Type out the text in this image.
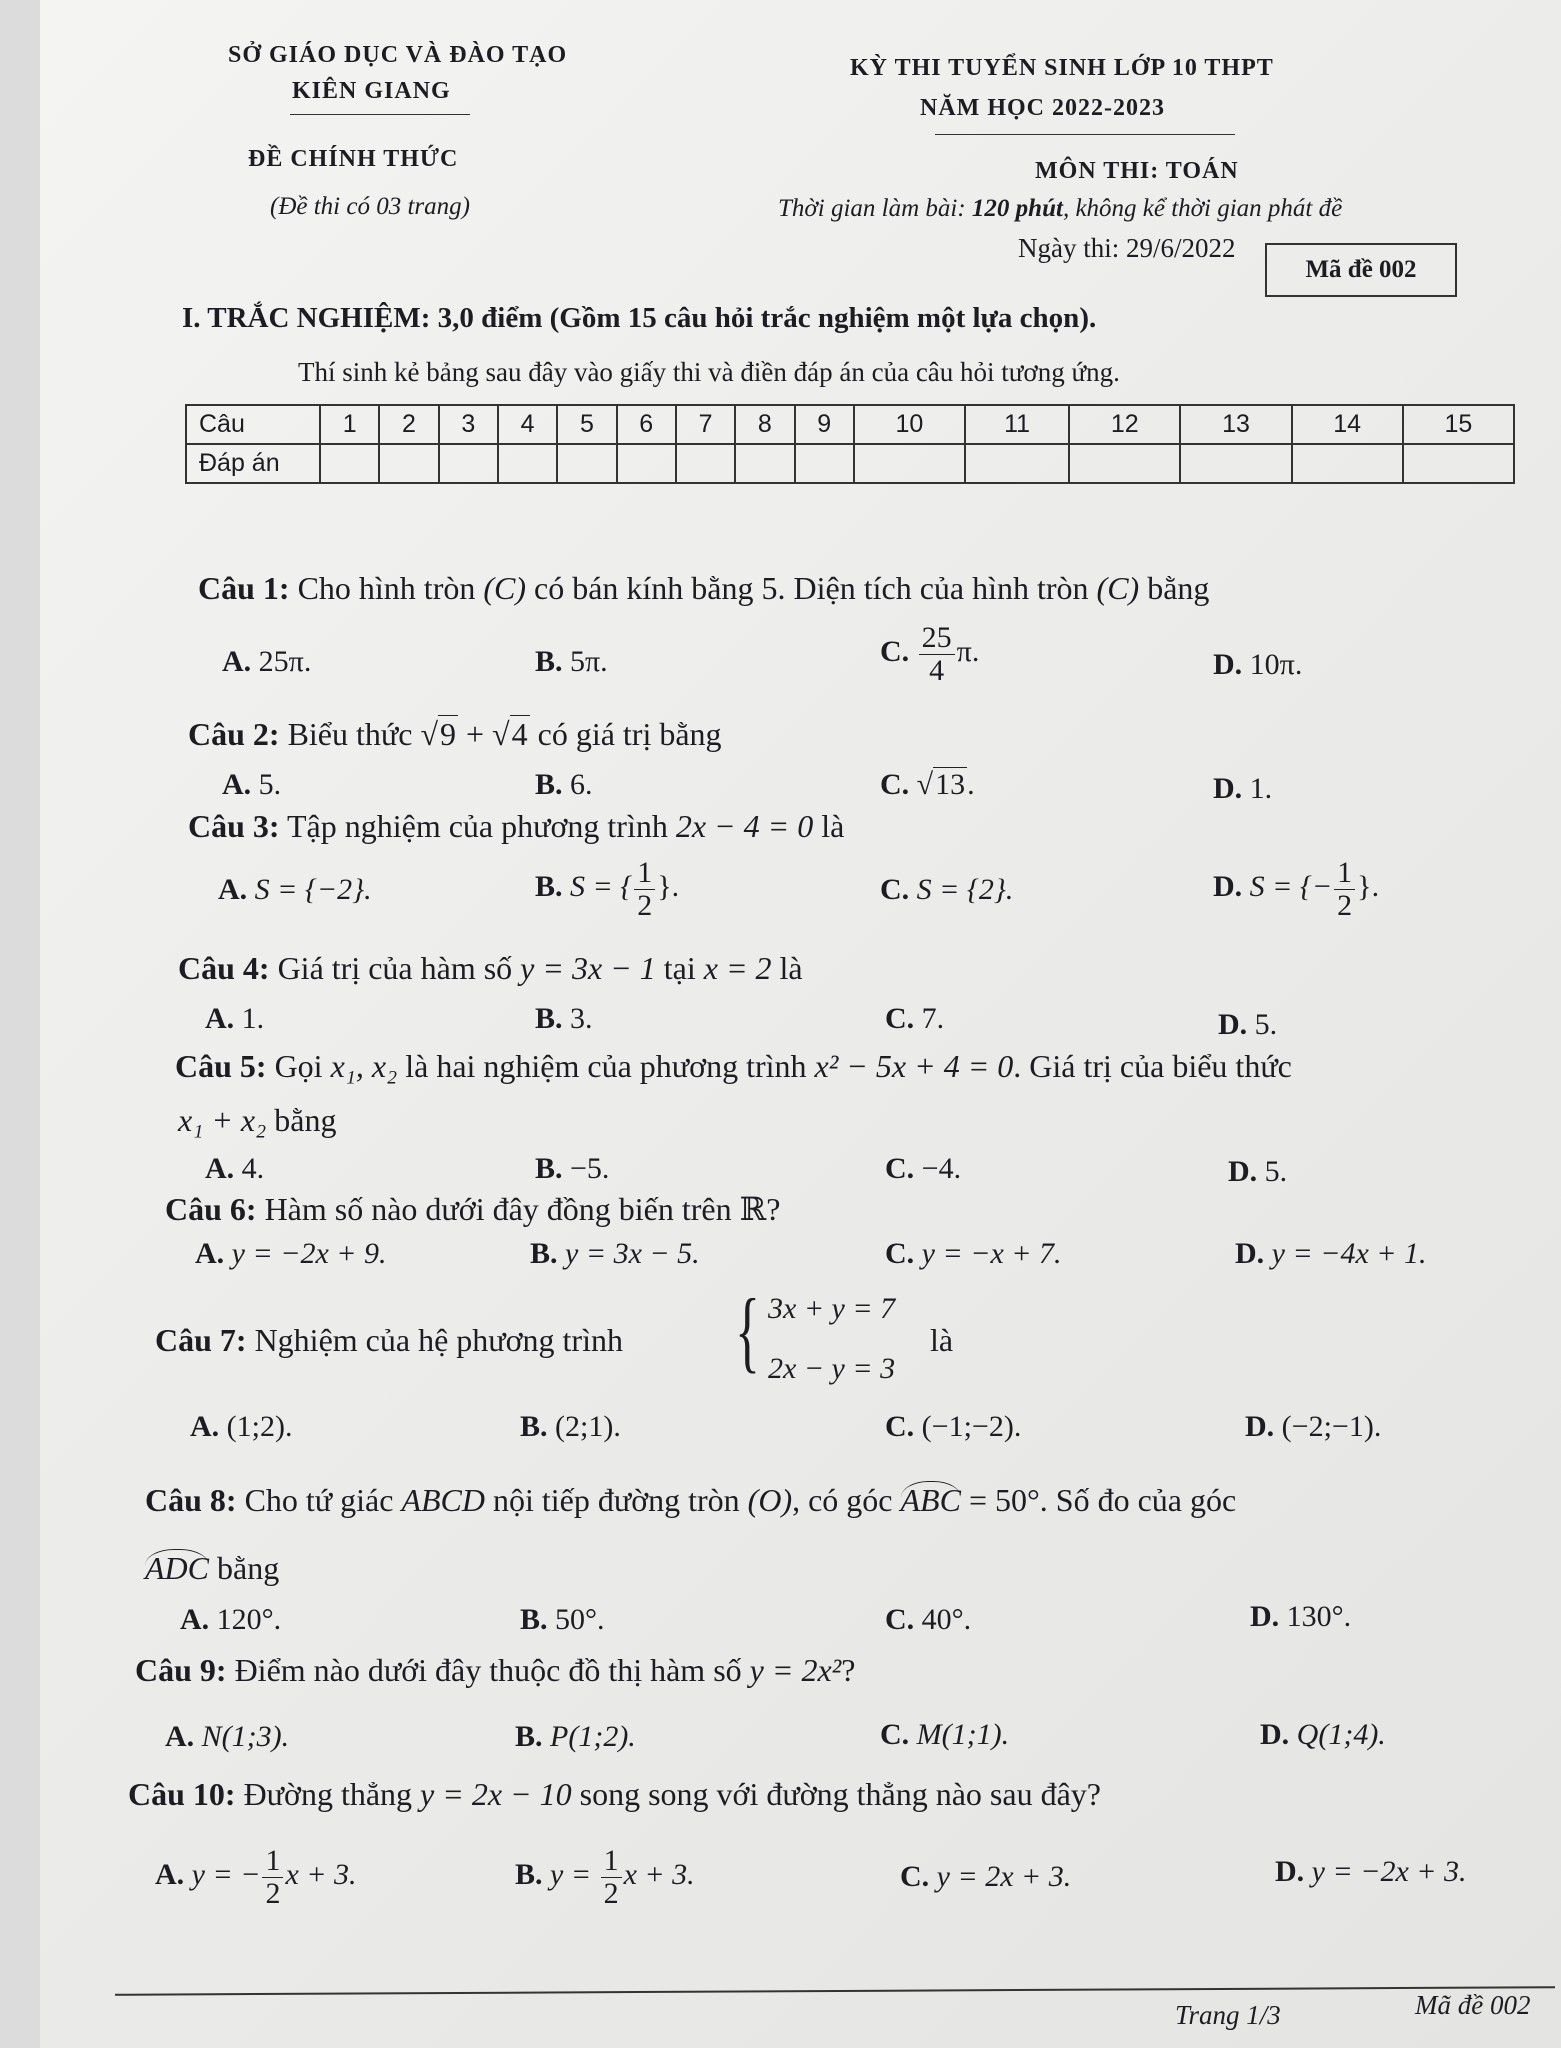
SỞ GIÁO DỤC VÀ ĐÀO TẠO
KIÊN GIANG
ĐỀ CHÍNH THỨC
(Đề thi có 03 trang)
KỲ THI TUYỂN SINH LỚP 10 THPT
NĂM HỌC 2022-2023
MÔN THI: TOÁN
Thời gian làm bài: 120 phút, không kể thời gian phát đề
Ngày thi: 29/6/2022
Mã đề 002
I. TRẮC NGHIỆM: 3,0 điểm (Gồm 15 câu hỏi trắc nghiệm một lựa chọn).
Thí sinh kẻ bảng sau đây vào giấy thi và điền đáp án của câu hỏi tương ứng.
Câu	1	2	3	4	5	6	7	8	9	10	11	12	13	14	15
Đáp án															
Câu 1: Cho hình tròn (C) có bán kính bằng 5. Diện tích của hình tròn (C) bằng
A. 25π.	B. 5π.	C. $\frac{25}{4} \pi$.	D. 10π.
Câu 2: Biểu thức √9 + √4 có giá trị bằng
A. 5.	B. 6.	C. √13.	D. 1.
Câu 3: Tập nghiệm của phương trình 2x − 4 = 0 là
A. S = {−2}.	B. S = { $\frac{1}{2}$ }.	C. S = {2}.	D. S = {− $\frac{1}{2}$ }.
Câu 4: Giá trị của hàm số y = 3x − 1 tại x = 2 là
A. 1.	B. 3.	C. 7.	D. 5.
Câu 5: Gọi x₁, x₂ là hai nghiệm của phương trình x² − 5x + 4 = 0. Giá trị của biểu thức
x₁ + x₂ bằng
A. 4.	B. −5.	C. −4.	D. 5.
Câu 6: Hàm số nào dưới đây đồng biến trên ℝ?
A. y = −2x + 9.	B. y = 3x − 5.	C. y = −x + 7.	D. y = −4x + 1.
Câu 7: Nghiệm của hệ phương trình { 3x + y = 7
2x − y = 3
là
A. (1;2).	B. (2;1).	C. (−1;−2).	D. (−2;−1).
Câu 8: Cho tứ giác ABCD nội tiếp đường tròn (O), có góc ABC = 50°. Số đo của góc
ADC bằng
A. 120°.	B. 50°.	C. 40°.	D. 130°.
Câu 9: Điểm nào dưới đây thuộc đồ thị hàm số y = 2x²?
A. N(1;3).	B. P(1;2).	C. M(1;1).	D. Q(1;4).
Câu 10: Đường thẳng y = 2x − 10 song song với đường thẳng nào sau đây?
A. y = − $\frac{1}{2}$ x + 3.	B. $y = \frac{1}{2}$ x + 3.	C. y = 2x + 3.	D. y = −2x + 3.
Trang 1/3	Mã đề 002
